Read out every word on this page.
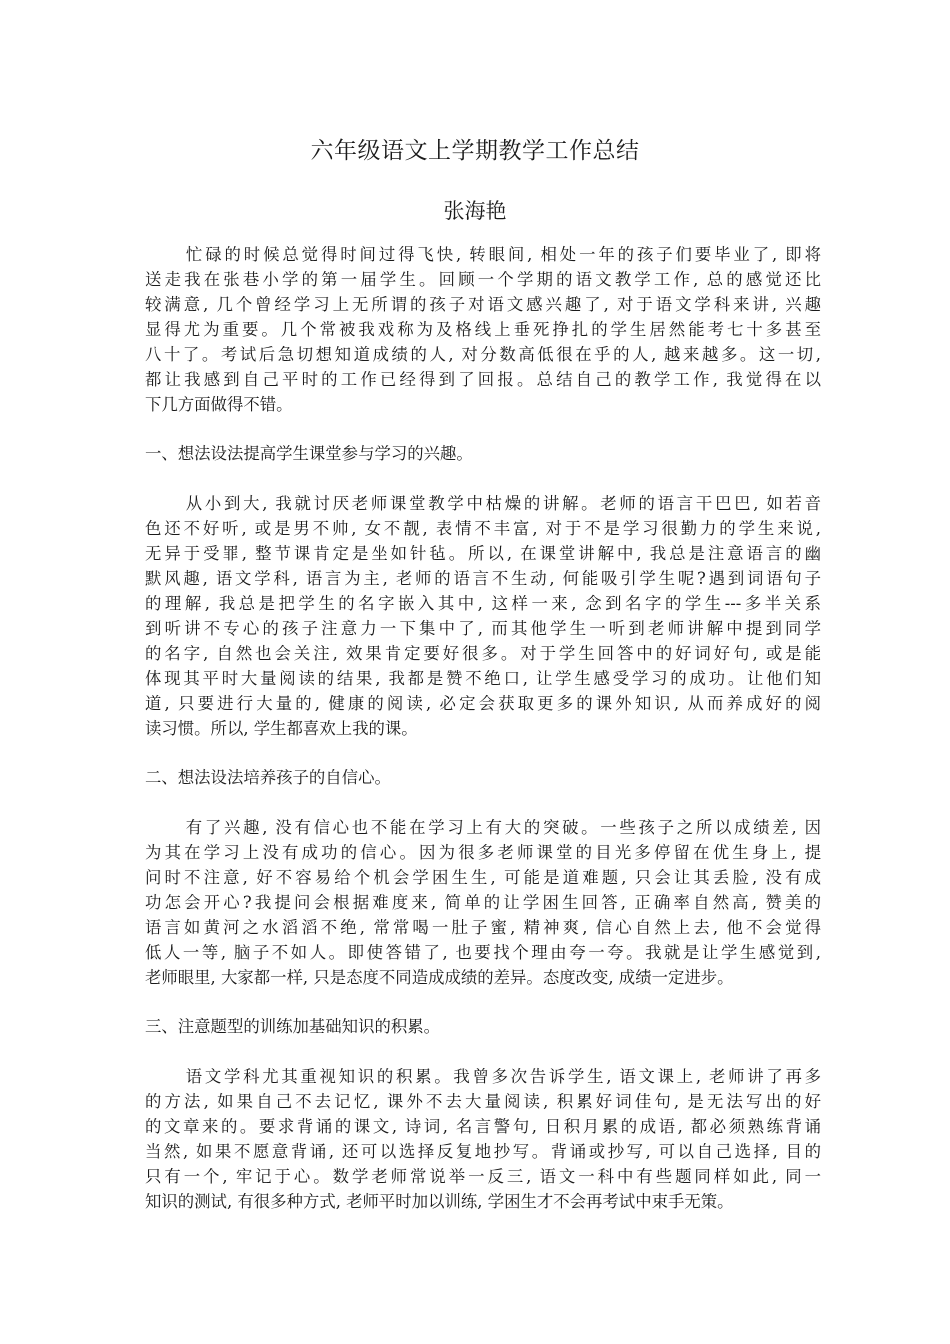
六年级语文上学期教学工作总结
张海艳
忙碌的时候总觉得时间过得飞快, 转眼间, 相处一年的孩子们要毕业了, 即将
送走我在张巷小学的第一届学生。回顾一个学期的语文教学工作, 总的感觉还比
较满意, 几个曾经学习上无所谓的孩子对语文感兴趣了, 对于语文学科来讲, 兴趣
显得尤为重要。几个常被我戏称为及格线上垂死挣扎的学生居然能考七十多甚至
八十了。考试后急切想知道成绩的人, 对分数高低很在乎的人, 越来越多。这一切,
都让我感到自己平时的工作已经得到了回报。总结自己的教学工作, 我觉得在以
下几方面做得不错。
一、想法设法提高学生课堂参与学习的兴趣。
从小到大, 我就讨厌老师课堂教学中枯燥的讲解。老师的语言干巴巴, 如若音
色还不好听, 或是男不帅, 女不靓, 表情不丰富, 对于不是学习很勤力的学生来说,
无异于受罪, 整节课肯定是坐如针毡。所以, 在课堂讲解中, 我总是注意语言的幽
默风趣, 语文学科, 语言为主, 老师的语言不生动, 何能吸引学生呢?遇到词语句子
的理解, 我总是把学生的名字嵌入其中, 这样一来, 念到名字的学生---多半关系
到听讲不专心的孩子注意力一下集中了, 而其他学生一听到老师讲解中提到同学
的名字, 自然也会关注, 效果肯定要好很多。对于学生回答中的好词好句, 或是能
体现其平时大量阅读的结果, 我都是赞不绝口, 让学生感受学习的成功。让他们知
道, 只要进行大量的, 健康的阅读, 必定会获取更多的课外知识, 从而养成好的阅
读习惯。所以, 学生都喜欢上我的课。
二、想法设法培养孩子的自信心。
有了兴趣, 没有信心也不能在学习上有大的突破。一些孩子之所以成绩差, 因
为其在学习上没有成功的信心。因为很多老师课堂的目光多停留在优生身上, 提
问时不注意, 好不容易给个机会学困生生, 可能是道难题, 只会让其丢脸, 没有成
功怎会开心?我提问会根据难度来, 简单的让学困生回答, 正确率自然高, 赞美的
语言如黄河之水滔滔不绝, 常常喝一肚子蜜, 精神爽, 信心自然上去, 他不会觉得
低人一等, 脑子不如人。即使答错了, 也要找个理由夸一夸。我就是让学生感觉到,
老师眼里, 大家都一样, 只是态度不同造成成绩的差异。态度改变, 成绩一定进步。
三、注意题型的训练加基础知识的积累。
语文学科尤其重视知识的积累。我曾多次告诉学生, 语文课上, 老师讲了再多
的方法, 如果自己不去记忆, 课外不去大量阅读, 积累好词佳句, 是无法写出的好
的文章来的。要求背诵的课文, 诗词, 名言警句, 日积月累的成语, 都必须熟练背诵
当然, 如果不愿意背诵, 还可以选择反复地抄写。背诵或抄写, 可以自己选择, 目的
只有一个, 牢记于心。数学老师常说举一反三, 语文一科中有些题同样如此, 同一
知识的测试, 有很多种方式, 老师平时加以训练, 学困生才不会再考试中束手无策。
